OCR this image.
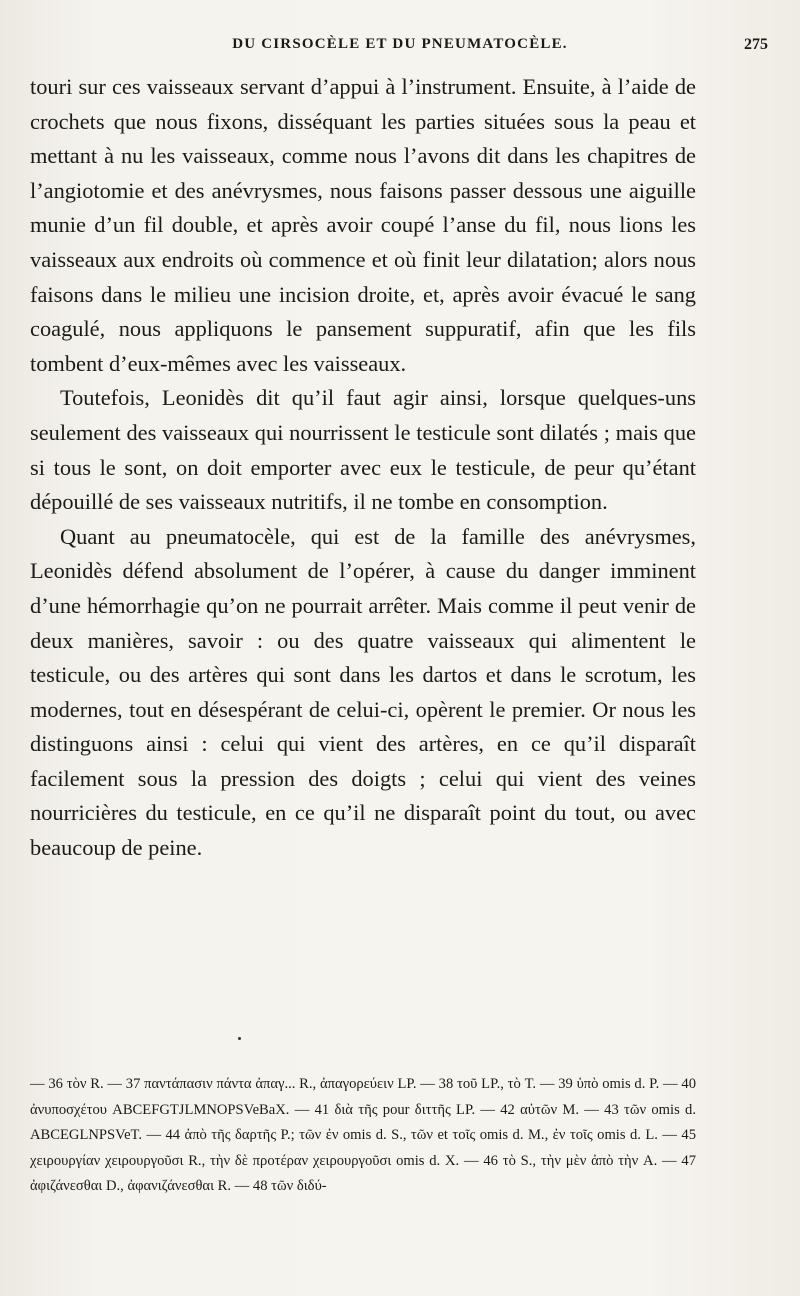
DU CIRSOCÈLE ET DU PNEUMATOCÈLE.	275

touri sur ces vaisseaux servant d’appui à l’instrument. Ensuite, à l’aide de crochets que nous fixons, disséquant les parties situées sous la peau et mettant à nu les vaisseaux, comme nous l’avons dit dans les chapitres de l’angiotomie et des anévrysmes, nous faisons passer dessous une aiguille munie d’un fil double, et après avoir coupé l’anse du fil, nous lions les vaisseaux aux endroits où commence et où finit leur dilatation; alors nous faisons dans le milieu une incision droite, et, après avoir évacué le sang coagulé, nous appliquons le pansement suppuratif, afin que les fils tombent d’eux-mêmes avec les vaisseaux.

Toutefois, Leonidès dit qu’il faut agir ainsi, lorsque quelques-uns seulement des vaisseaux qui nourrissent le testicule sont dilatés ; mais que si tous le sont, on doit emporter avec eux le testicule, de peur qu’étant dépouillé de ses vaisseaux nutritifs, il ne tombe en consomption.

Quant au pneumatocèle, qui est de la famille des anévrysmes, Leonidès défend absolument de l’opérer, à cause du danger imminent d’une hémorrhagie qu’on ne pourrait arrêter. Mais comme il peut venir de deux manières, savoir : ou des quatre vaisseaux qui alimentent le testicule, ou des artères qui sont dans les dartos et dans le scrotum, les modernes, tout en désespérant de celui-ci, opèrent le premier. Or nous les distinguons ainsi : celui qui vient des artères, en ce qu’il disparaît facilement sous la pression des doigts ; celui qui vient des veines nourricières du testicule, en ce qu’il ne disparaît point du tout, ou avec beaucoup de peine.

— 36 τὸν R. — 37 παντάπασιν πάντα ἀπαγ... R., ἀπαγορεύειν LP. — 38 τοῦ LP., τὸ T. — 39 ὑπὸ omis d. P. — 40 ἀνυποσχέτου ABCEFGTJLMNOPSVeBaX. — 41 διὰ τῆς pour διττῆς LP. — 42 αὐτῶν M. — 43 τῶν omis d. ABCEGLNPSVeT. — 44 ἀπὸ τῆς δαρτῆς P.; τῶν ἐν omis d. S., τῶν et τοῖς omis d. M., ἐν τοῖς omis d. L. — 45 χειρουργίαν χειρουργοῦσι R., τὴν δὲ προτέραν χειρουργοῦσι omis d. X. — 46 τὸ S., τὴν μὲν ἀπὸ τὴν A. — 47 ἀφιζάνεσθαι D., ἀφανιζάνεσθαι R. — 48 τῶν διδύ-
